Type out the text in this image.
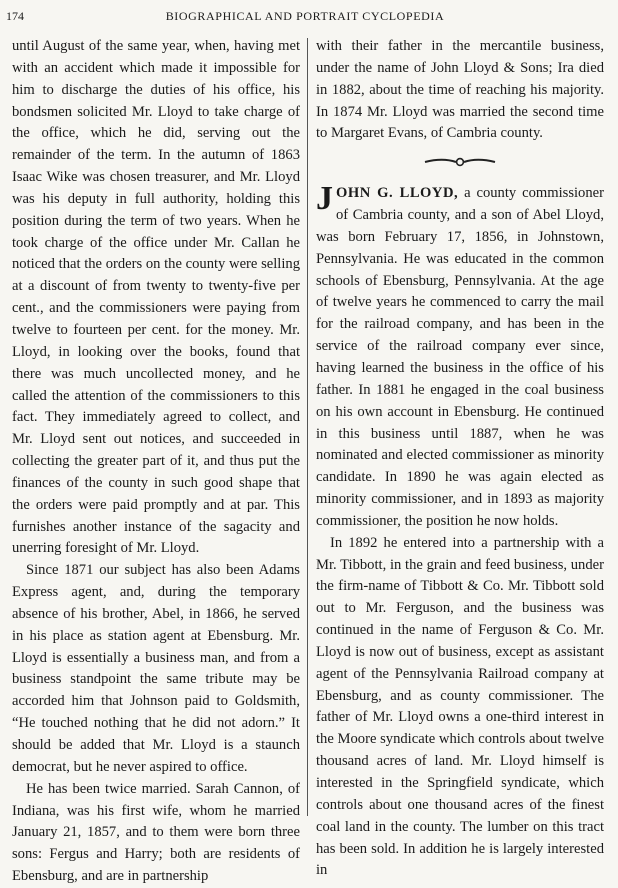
174	BIOGRAPHICAL AND PORTRAIT CYCLOPEDIA

until August of the same year, when, having met with an accident which made it impossible for him to discharge the duties of his office, his bondsmen solicited Mr. Lloyd to take charge of the office, which he did, serving out the remainder of the term. In the autumn of 1863 Isaac Wike was chosen treasurer, and Mr. Lloyd was his deputy in full authority, holding this position during the term of two years. When he took charge of the office under Mr. Callan he noticed that the orders on the county were selling at a discount of from twenty to twenty-five per cent., and the commissioners were paying from twelve to fourteen per cent. for the money. Mr. Lloyd, in looking over the books, found that there was much uncollected money, and he called the attention of the commissioners to this fact. They immediately agreed to collect, and Mr. Lloyd sent out notices, and succeeded in collecting the greater part of it, and thus put the finances of the county in such good shape that the orders were paid promptly and at par. This furnishes another instance of the sagacity and unerring foresight of Mr. Lloyd.

Since 1871 our subject has also been Adams Express agent, and, during the temporary absence of his brother, Abel, in 1866, he served in his place as station agent at Ebensburg. Mr. Lloyd is essentially a business man, and from a business standpoint the same tribute may be accorded him that Johnson paid to Goldsmith, “He touched nothing that he did not adorn.” It should be added that Mr. Lloyd is a staunch democrat, but he never aspired to office.

He has been twice married. Sarah Cannon, of Indiana, was his first wife, whom he married January 21, 1857, and to them were born three sons: Fergus and Harry; both are residents of Ebensburg, and are in partnership

with their father in the mercantile business, under the name of John Lloyd & Sons; Ira died in 1882, about the time of reaching his majority. In 1874 Mr. Lloyd was married the second time to Margaret Evans, of Cambria county.

JOHN G. LLOYD, a county commissioner of Cambria county, and a son of Abel Lloyd, was born February 17, 1856, in Johnstown, Pennsylvania. He was educated in the common schools of Ebensburg, Pennsylvania. At the age of twelve years he commenced to carry the mail for the railroad company, and has been in the service of the railroad company ever since, having learned the business in the office of his father. In 1881 he engaged in the coal business on his own account in Ebensburg. He continued in this business until 1887, when he was nominated and elected commissioner as minority candidate. In 1890 he was again elected as minority commissioner, and in 1893 as majority commissioner, the position he now holds.

In 1892 he entered into a partnership with a Mr. Tibbott, in the grain and feed business, under the firm-name of Tibbott & Co. Mr. Tibbott sold out to Mr. Ferguson, and the business was continued in the name of Ferguson & Co. Mr. Lloyd is now out of business, except as assistant agent of the Pennsylvania Railroad company at Ebensburg, and as county commissioner. The father of Mr. Lloyd owns a one-third interest in the Moore syndicate which controls about twelve thousand acres of land. Mr. Lloyd himself is interested in the Springfield syndicate, which controls about one thousand acres of the finest coal land in the county. The lumber on this tract has been sold. In addition he is largely interested in
